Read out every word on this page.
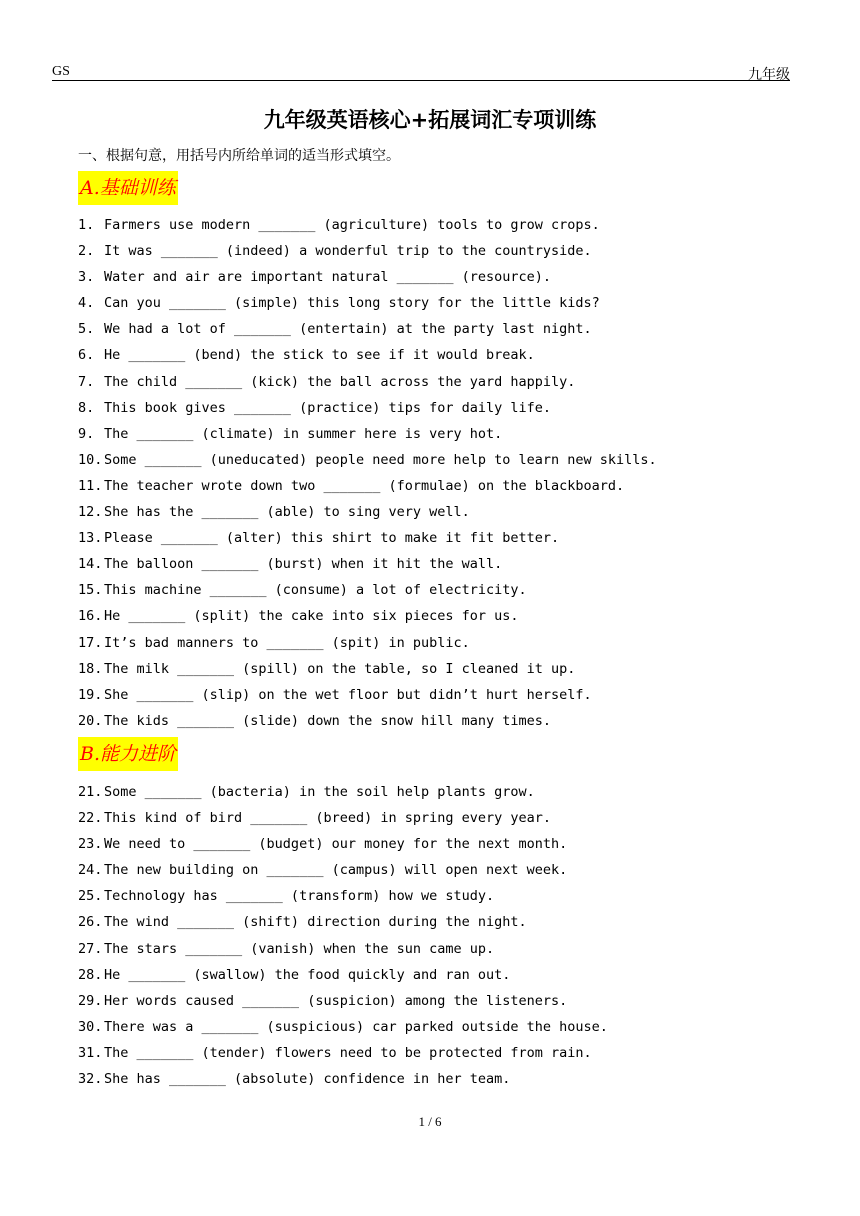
GS	九年级
九年级英语核心+拓展词汇专项训练
一、根据句意，用括号内所给单词的适当形式填空。
A.基础训练
1. Farmers use modern _______ (agriculture) tools to grow crops.
2. It was _______ (indeed) a wonderful trip to the countryside.
3. Water and air are important natural _______ (resource).
4. Can you _______ (simple) this long story for the little kids?
5. We had a lot of _______ (entertain) at the party last night.
6. He _______ (bend) the stick to see if it would break.
7. The child _______ (kick) the ball across the yard happily.
8. This book gives _______ (practice) tips for daily life.
9. The _______ (climate) in summer here is very hot.
10. Some _______ (uneducated) people need more help to learn new skills.
11. The teacher wrote down two _______ (formulae) on the blackboard.
12. She has the _______ (able) to sing very well.
13. Please _______ (alter) this shirt to make it fit better.
14. The balloon _______ (burst) when it hit the wall.
15. This machine _______ (consume) a lot of electricity.
16. He _______ (split) the cake into six pieces for us.
17. It’s bad manners to _______ (spit) in public.
18. The milk _______ (spill) on the table, so I cleaned it up.
19. She _______ (slip) on the wet floor but didn’t hurt herself.
20. The kids _______ (slide) down the snow hill many times.
B.能力进阶
21. Some _______ (bacteria) in the soil help plants grow.
22. This kind of bird _______ (breed) in spring every year.
23. We need to _______ (budget) our money for the next month.
24. The new building on _______ (campus) will open next week.
25. Technology has _______ (transform) how we study.
26. The wind _______ (shift) direction during the night.
27. The stars _______ (vanish) when the sun came up.
28. He _______ (swallow) the food quickly and ran out.
29. Her words caused _______ (suspicion) among the listeners.
30. There was a _______ (suspicious) car parked outside the house.
31. The _______ (tender) flowers need to be protected from rain.
32. She has _______ (absolute) confidence in her team.
1 / 6
